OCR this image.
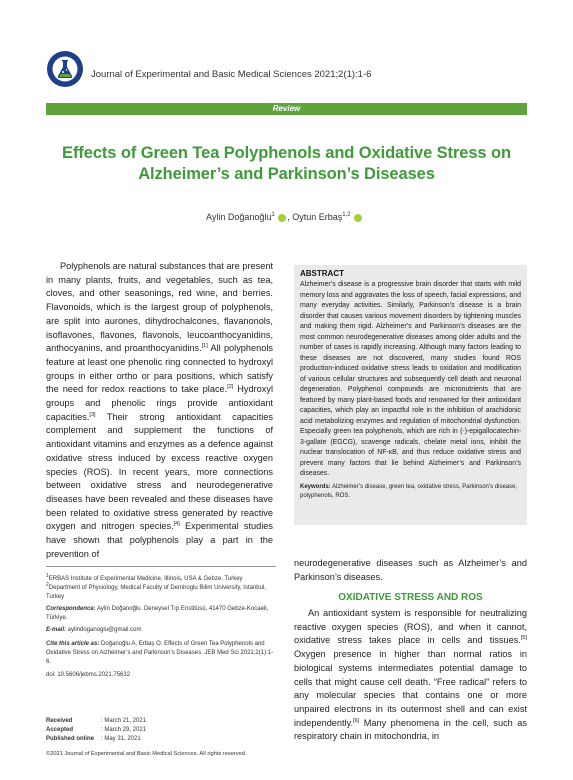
Journal of Experimental and Basic Medical Sciences 2021;2(1):1-6
Review
Effects of Green Tea Polyphenols and Oxidative Stress on Alzheimer’s and Parkinson’s Diseases
Aylin Doğanoğlu$^1$ , Oytun Erbaş$^{1,2}$
Polyphenols are natural substances that are present in many plants, fruits, and vegetables, such as tea, cloves, and other seasonings, red wine, and berries. Flavonoids, which is the largest group of polyphenols, are split into aurones, dihydrochalcones, flavanonols, isoflavones, flavones, flavonols, leucoanthocyanidins, anthocyanins, and proanthocyanidins.[1] All polyphenols feature at least one phenolic ring connected to hydroxyl groups in either ortho or para positions, which satisfy the need for redox reactions to take place.[2] Hydroxyl groups and phenolic rings provide antioxidant capacities.[3] Their strong antioxidant capacities complement and supplement the functions of antioxidant vitamins and enzymes as a defence against oxidative stress induced by excess reactive oxygen species (ROS). In recent years, more connections between oxidative stress and neurodegenerative diseases have been revealed and these diseases have been related to oxidative stress generated by reactive oxygen and nitrogen species.[4] Experimental studies have shown that polyphenols play a part in the prevention of
ABSTRACT
Alzheimer’s disease is a progressive brain disorder that starts with mild memory loss and aggravates the loss of speech, facial expressions, and many everyday activities. Similarly, Parkinson’s disease is a brain disorder that causes various movement disorders by tightening muscles and making them rigid. Alzheimer’s and Parkinson’s diseases are the most common neurodegenerative diseases among older adults and the number of cases is rapidly increasing. Although many factors leading to these diseases are not discovered, many studies found ROS production-induced oxidative stress leads to oxidation and modification of various cellular structures and subsequently cell death and neuronal degeneration. Polyphenol compounds are micronutrients that are featured by many plant-based foods and renowned for their antioxidant capacities, which play an impactful role in the inhibition of arachidonic acid metabolizing enzymes and regulation of mitochondrial dysfunction. Especially green tea polyphenols, which are rich in (-)-epigallocatechin-3-gallate (EGCG), scavenge radicals, chelate metal ions, inhibit the nuclear translocation of NF-κB, and thus reduce oxidative stress and prevent many factors that lie behind Alzheimer’s and Parkinson’s diseases.
Keywords: Alzheimer’s disease, green tea, oxidative stress, Parkinson’s disease, polyphenols, ROS.
neurodegenerative diseases such as Alzheimer’s and Parkinson’s diseases.
OXIDATIVE STRESS AND ROS
An antioxidant system is responsible for neutralizing reactive oxygen species (ROS), and when it cannot, oxidative stress takes place in cells and tissues.[5] Oxygen presence in higher than normal ratios in biological systems intermediates potential damage to cells that might cause cell death. “Free radical” refers to any molecular species that contains one or more unpaired electrons in its outermost shell and can exist independently.[6] Many phenomena in the cell, such as respiratory chain in mitochondria, in
$^1$ERBAS Institute of Experimental Medicine, Illinois, USA & Gebze, Turkey
$^2$Department of Physiology, Medical Faculty of Demiroglu Bilim University, Istanbul, Turkey
Correspondence: Aylin Doğanoğlu. Deneysel Tıp Enstitüsü, 41470 Gebze-Kocaeli, Türkiye.
E-mail: aylindoganoglu@gmail.com
Cite this article as: Doğanoğlu A, Erbaş O. Effects of Green Tea Polyphenols and Oxidative Stress on Alzheimer’s and Parkinson’s Diseases. JEB Med Sci 2021;2(1):1-6.
doi: 10.5606/jebms.2021.75632
Received	: March 21, 2021
Accepted	: March 29, 2021
Published online : May 31, 2021
©2021 Journal of Experimental and Basic Medical Sciences. All rights reserved.
